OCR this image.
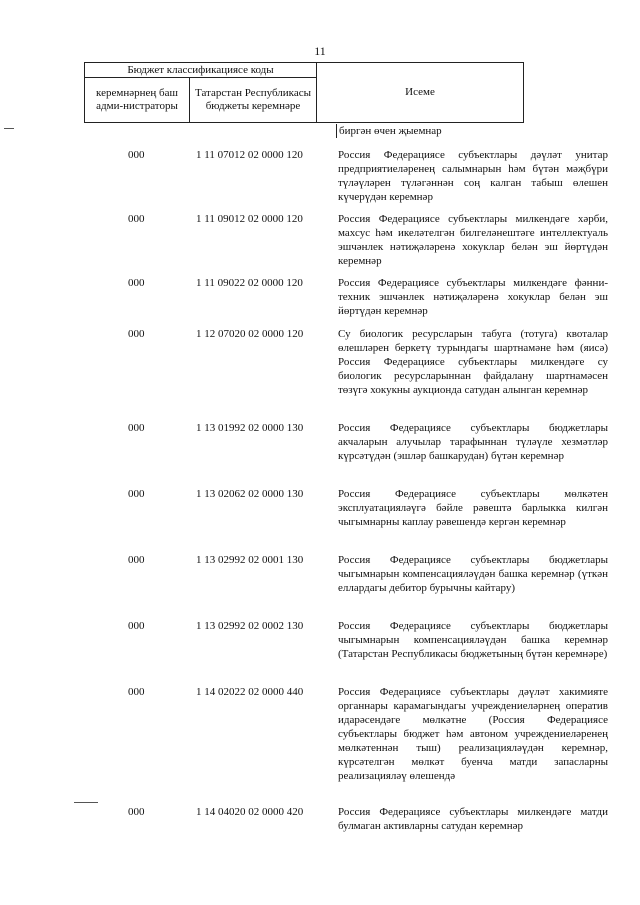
11
Бюджет классификациясе коды		Исеме
керемнәрнең баш адми-нистраторы	Татарстан Республикасы бюджеты керемнәре	
биргән өчен җыемнар
000	1 11 07012 02 0000 120	Россия Федерациясе субъектлары дәүләт унитар предприятиеләренең салымнарын һәм бүтән мәҗбүри түләүләрен түләгәннән соң калган табыш өлешен күчерүдән керемнәр
000	1 11 09012 02 0000 120	Россия Федерациясе субъектлары милкендәге хәрби, махсус һәм икеләтелгән билгеләнештәге интеллектуаль эшчәнлек нәтиҗәләренә хокуклар белән эш йөртүдән керемнәр
000	1 11 09022 02 0000 120	Россия Федерациясе субъектлары милкендәге фәнни-техник эшчәнлек нәтиҗәләренә хокуклар белән эш йөртүдән керемнәр
000	1 12 07020 02 0000 120	Су биологик ресурсларын табуга (тотуга) квоталар өлешләрен беркетү турындагы шартнамәне һәм (яисә) Россия Федерациясе субъектлары милкендәге су биологик ресурсларыннан файдалану шартнамәсен төзүгә хокукны аукционда сатудан алынган керемнәр
000	1 13 01992 02 0000 130	Россия Федерациясе субъектлары бюджетлары акчаларын алучылар тарафыннан түләүле хезмәтләр күрсәтүдән (эшләр башкарудан) бүтән керемнәр
000	1 13 02062 02 0000 130	Россия Федерациясе субъектлары мөлкәтен эксплуатацияләүгә бәйле рәвештә барлыкка килгән чыгымнарны каплау рәвешендә кергән керемнәр
000	1 13 02992 02 0001 130	Россия Федерациясе субъектлары бюджетлары чыгымнарын компенсацияләүдән башка керемнәр (үткән еллардагы дебитор бурычны кайтару)
000	1 13 02992 02 0002 130	Россия Федерациясе субъектлары бюджетлары чыгымнарын компенсацияләүдән башка керемнәр (Татарстан Республикасы бюджетының бүтән керемнәре)
000	1 14 02022 02 0000 440	Россия Федерациясе субъектлары дәүләт хакимияте органнары карамагындагы учреждениеләрнең оператив идарәсендәге мөлкәтне (Россия Федерациясе субъектлары бюджет һәм автоном учреждениеләренең мөлкәтеннән тыш) реализацияләүдән керемнәр, күрсәтелгән мөлкәт буенча матди запасларны реализацияләү өлешендә
000	1 14 04020 02 0000 420	Россия Федерациясе субъектлары милкендәге матди булмаган активларны сатудан керемнәр
